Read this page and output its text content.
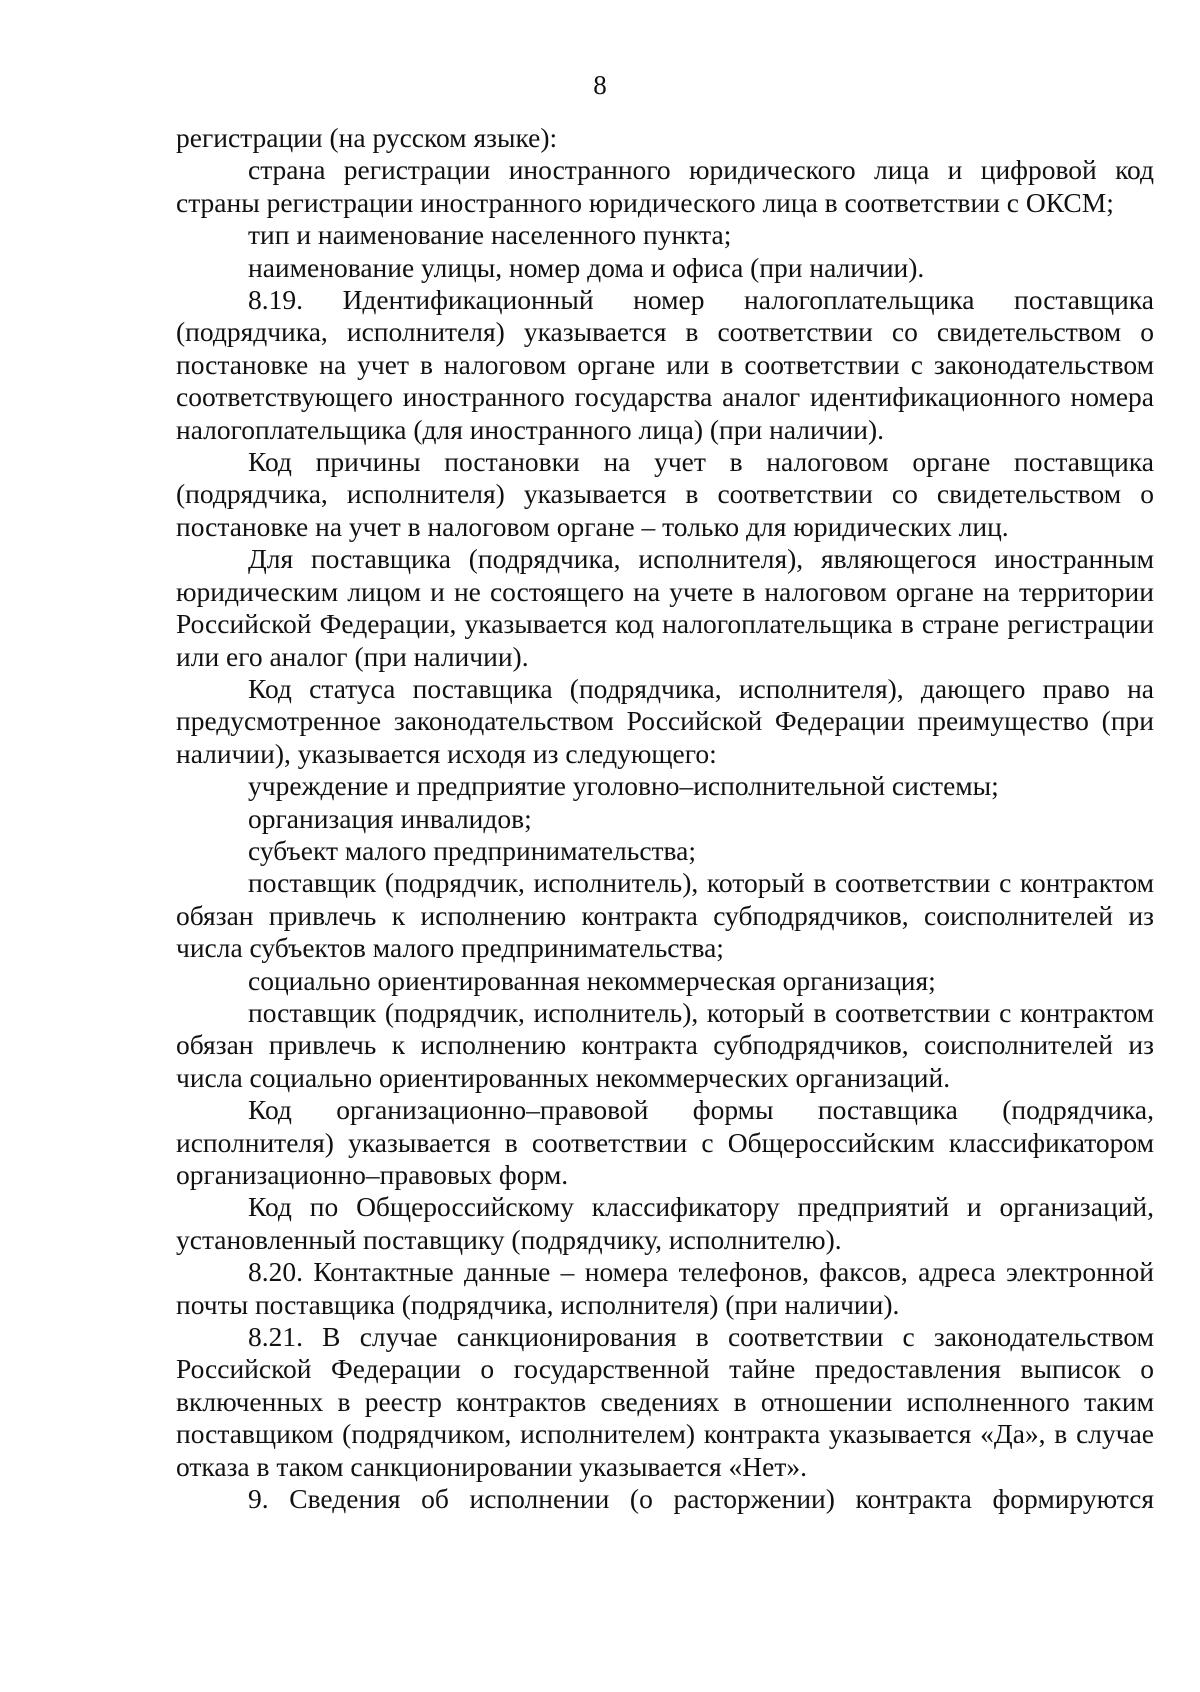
8

регистрации (на русском языке):

страна регистрации иностранного юридического лица и цифровой код страны регистрации иностранного юридического лица в соответствии с ОКСМ;

тип и наименование населенного пункта;

наименование улицы, номер дома и офиса (при наличии).

8.19. Идентификационный номер налогоплательщика поставщика (подрядчика, исполнителя) указывается в соответствии со свидетельством о постановке на учет в налоговом органе или в соответствии с законодательством соответствующего иностранного государства аналог идентификационного номера налогоплательщика (для иностранного лица) (при наличии).

Код причины постановки на учет в налоговом органе поставщика (подрядчика, исполнителя) указывается в соответствии со свидетельством о постановке на учет в налоговом органе – только для юридических лиц.

Для поставщика (подрядчика, исполнителя), являющегося иностранным юридическим лицом и не состоящего на учете в налоговом органе на территории Российской Федерации, указывается код налогоплательщика в стране регистрации или его аналог (при наличии).

Код статуса поставщика (подрядчика, исполнителя), дающего право на предусмотренное законодательством Российской Федерации преимущество (при наличии), указывается исходя из следующего:

учреждение и предприятие уголовно–исполнительной системы;

организация инвалидов;

субъект малого предпринимательства;

поставщик (подрядчик, исполнитель), который в соответствии с контрактом обязан привлечь к исполнению контракта субподрядчиков, соисполнителей из числа субъектов малого предпринимательства;

социально ориентированная некоммерческая организация;

поставщик (подрядчик, исполнитель), который в соответствии с контрактом обязан привлечь к исполнению контракта субподрядчиков, соисполнителей из числа социально ориентированных некоммерческих организаций.

Код организационно–правовой формы поставщика (подрядчика, исполнителя) указывается в соответствии с Общероссийским классификатором организационно–правовых форм.

Код по Общероссийскому классификатору предприятий и организаций, установленный поставщику (подрядчику, исполнителю).

8.20. Контактные данные – номера телефонов, факсов, адреса электронной почты поставщика (подрядчика, исполнителя) (при наличии).

8.21. В случае санкционирования в соответствии с законодательством Российской Федерации о государственной тайне предоставления выписок о включенных в реестр контрактов сведениях в отношении исполненного таким поставщиком (подрядчиком, исполнителем) контракта указывается «Да», в случае отказа в таком санкционировании указывается «Нет».

9. Сведения об исполнении (о расторжении) контракта формируются
